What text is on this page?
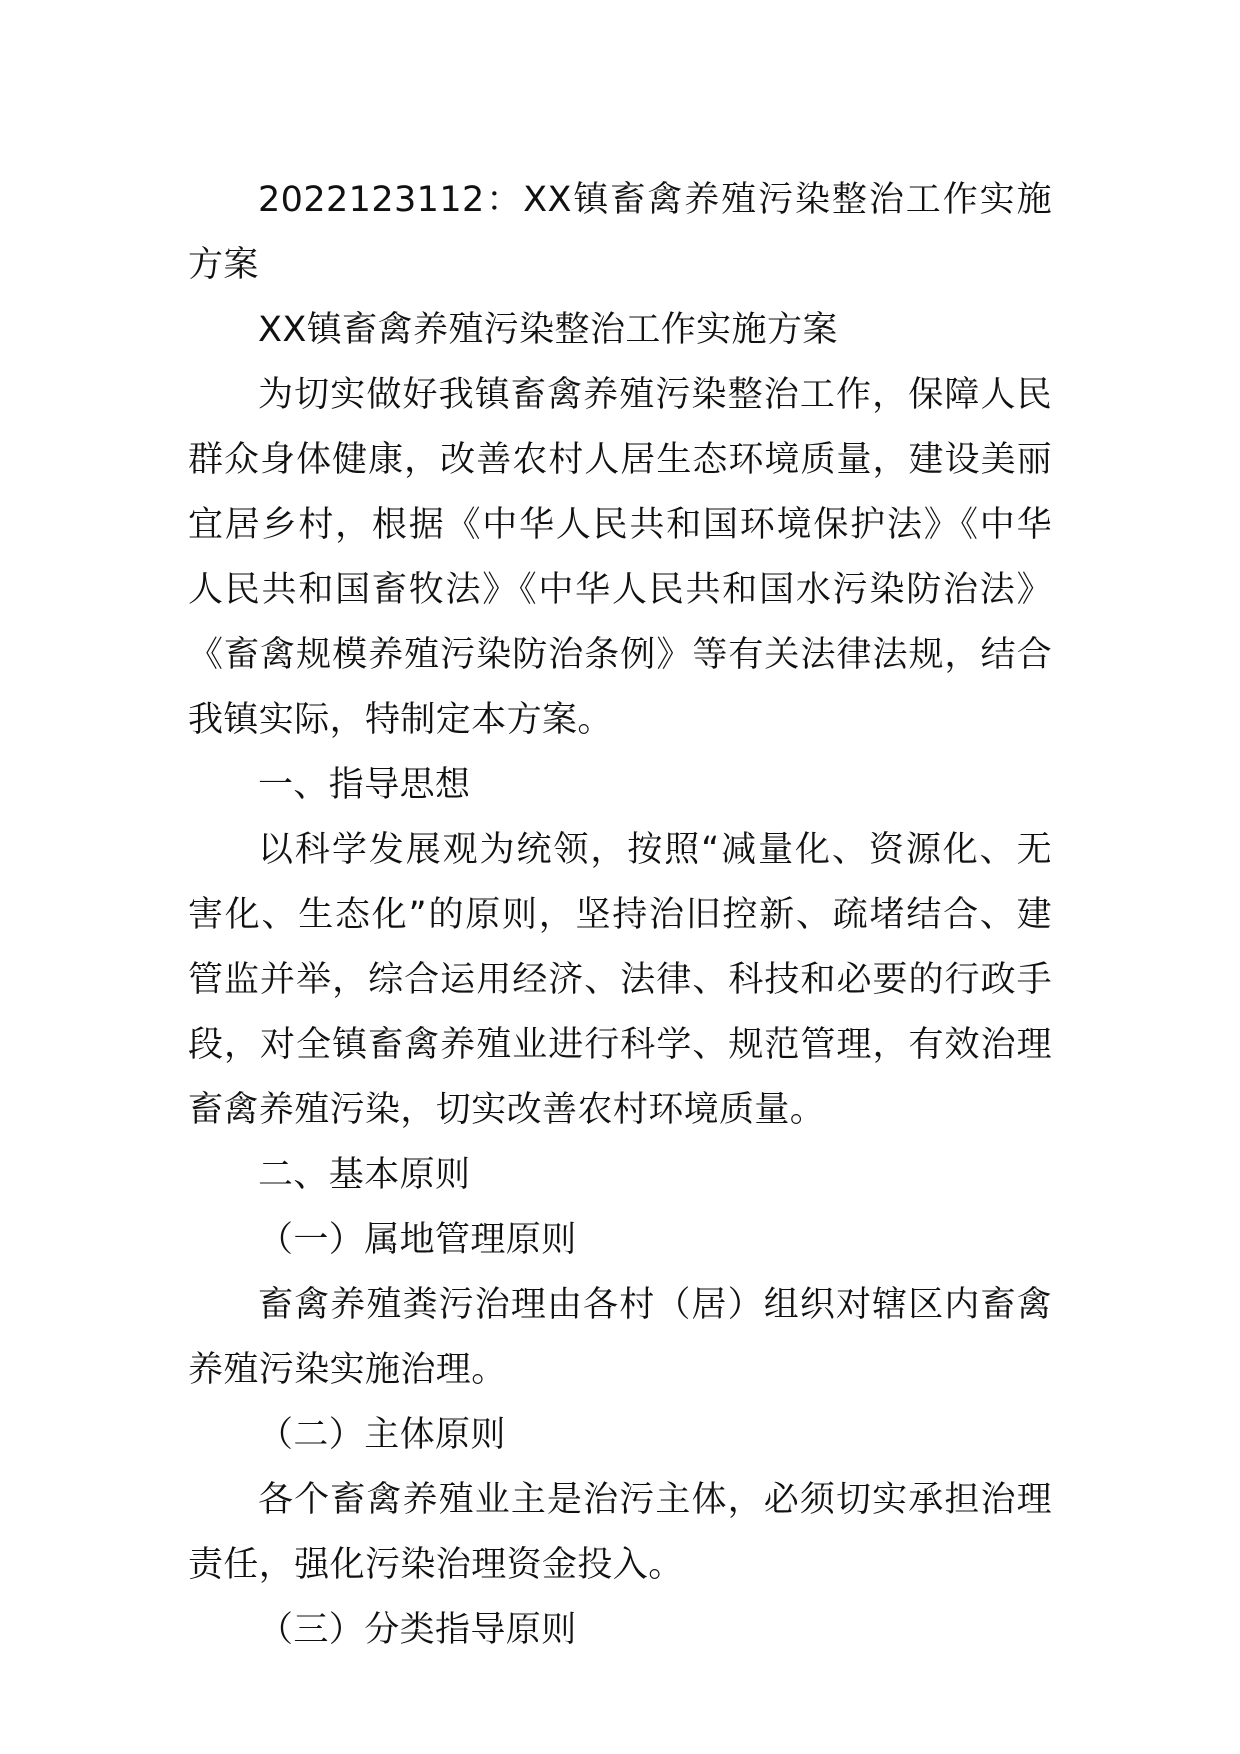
2022123112：XX镇畜禽养殖污染整治工作实施方案

XX镇畜禽养殖污染整治工作实施方案

为切实做好我镇畜禽养殖污染整治工作，保障人民群众身体健康，改善农村人居生态环境质量，建设美丽宜居乡村，根据《中华人民共和国环境保护法》《中华人民共和国畜牧法》《中华人民共和国水污染防治法》《畜禽规模养殖污染防治条例》等有关法律法规，结合我镇实际，特制定本方案。

一、指导思想

以科学发展观为统领，按照“减量化、资源化、无害化、生态化”的原则，坚持治旧控新、疏堵结合、建管监并举，综合运用经济、法律、科技和必要的行政手段，对全镇畜禽养殖业进行科学、规范管理，有效治理畜禽养殖污染，切实改善农村环境质量。

二、基本原则

（一）属地管理原则

畜禽养殖粪污治理由各村（居）组织对辖区内畜禽养殖污染实施治理。

（二）主体原则

各个畜禽养殖业主是治污主体，必须切实承担治理责任，强化污染治理资金投入。

（三）分类指导原则
